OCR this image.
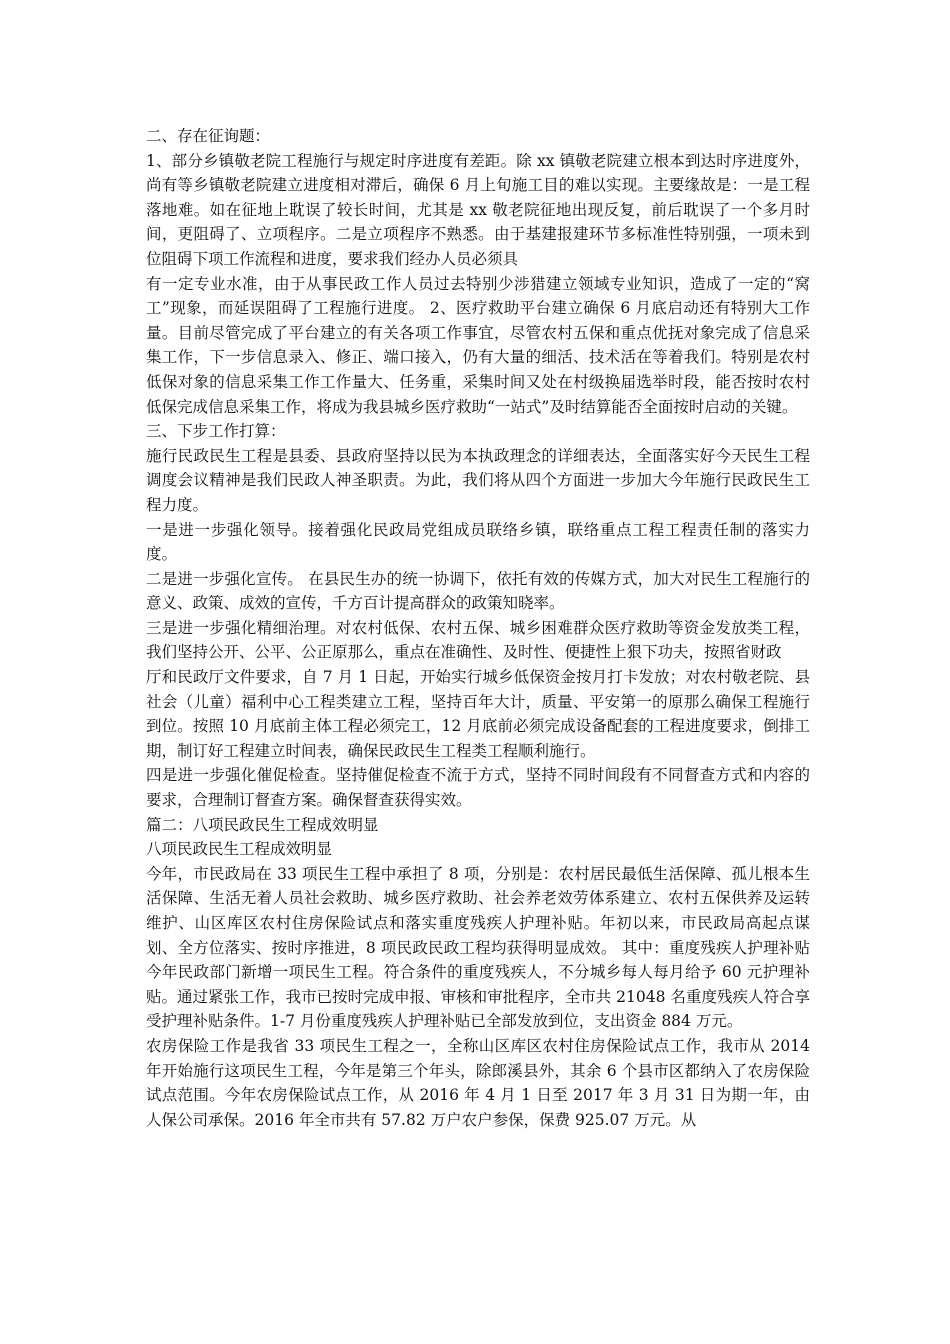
二、存在征询题：
1、部分乡镇敬老院工程施行与规定时序进度有差距。除 xx 镇敬老院建立根本到达时序进度外，尚有等乡镇敬老院建立进度相对滞后，确保 6 月上旬施工目的难以实现。主要缘故是：一是工程落地难。如在征地上耽误了较长时间，尤其是 xx 敬老院征地出现反复，前后耽误了一个多月时间，更阻碍了、立项程序。二是立项程序不熟悉。由于基建报建环节多标准性特别强，一项未到位阻碍下项工作流程和进度，要求我们经办人员必须具
有一定专业水准，由于从事民政工作人员过去特别少涉猎建立领域专业知识，造成了一定的“窝工”现象，而延误阻碍了工程施行进度。 2、医疗救助平台建立确保 6 月底启动还有特别大工作量。目前尽管完成了平台建立的有关各项工作事宜，尽管农村五保和重点优抚对象完成了信息采集工作，下一步信息录入、修正、端口接入，仍有大量的细活、技术活在等着我们。特别是农村低保对象的信息采集工作工作量大、任务重，采集时间又处在村级换届选举时段，能否按时农村低保完成信息采集工作，将成为我县城乡医疗救助“一站式”及时结算能否全面按时启动的关键。
三、下步工作打算：
施行民政民生工程是县委、县政府坚持以民为本执政理念的详细表达，全面落实好今天民生工程调度会议精神是我们民政人神圣职责。为此，我们将从四个方面进一步加大今年施行民政民生工程力度。
一是进一步强化领导。接着强化民政局党组成员联络乡镇，联络重点工程工程责任制的落实力度。
二是进一步强化宣传。 在县民生办的统一协调下，依托有效的传媒方式，加大对民生工程施行的意义、政策、成效的宣传，千方百计提高群众的政策知晓率。
三是进一步强化精细治理。对农村低保、农村五保、城乡困难群众医疗救助等资金发放类工程，我们坚持公开、公平、公正原那么，重点在准确性、及时性、便捷性上狠下功夫，按照省财政
厅和民政厅文件要求，自 7 月 1 日起，开始实行城乡低保资金按月打卡发放；对农村敬老院、县社会（儿童）福利中心工程类建立工程，坚持百年大计，质量、平安第一的原那么确保工程施行到位。按照 10 月底前主体工程必须完工，12 月底前必须完成设备配套的工程进度要求，倒排工期，制订好工程建立时间表，确保民政民生工程类工程顺利施行。
四是进一步强化催促检查。坚持催促检查不流于方式，坚持不同时间段有不同督查方式和内容的要求，合理制订督查方案。确保督查获得实效。
篇二：八项民政民生工程成效明显
八项民政民生工程成效明显
今年，市民政局在 33 项民生工程中承担了 8 项，分别是：农村居民最低生活保障、孤儿根本生活保障、生活无着人员社会救助、城乡医疗救助、社会养老效劳体系建立、农村五保供养及运转维护、山区库区农村住房保险试点和落实重度残疾人护理补贴。年初以来，市民政局高起点谋划、全方位落实、按时序推进，8 项民政民政工程均获得明显成效。 其中：重度残疾人护理补贴今年民政部门新增一项民生工程。符合条件的重度残疾人，不分城乡每人每月给予 60 元护理补贴。通过紧张工作，我市已按时完成申报、审核和审批程序，全市共 21048 名重度残疾人符合享受护理补贴条件。1-7 月份重度残疾人护理补贴已全部发放到位，支出资金 884 万元。
农房保险工作是我省 33 项民生工程之一，全称山区库区农村住房保险试点工作，我市从 2014 年开始施行这项民生工程，今年是第三个年头，除郎溪县外，其余 6 个县市区都纳入了农房保险试点范围。今年农房保险试点工作，从 2016 年 4 月 1 日至 2017 年 3 月 31 日为期一年，由人保公司承保。2016 年全市共有 57.82 万户农户参保，保费 925.07 万元。从
